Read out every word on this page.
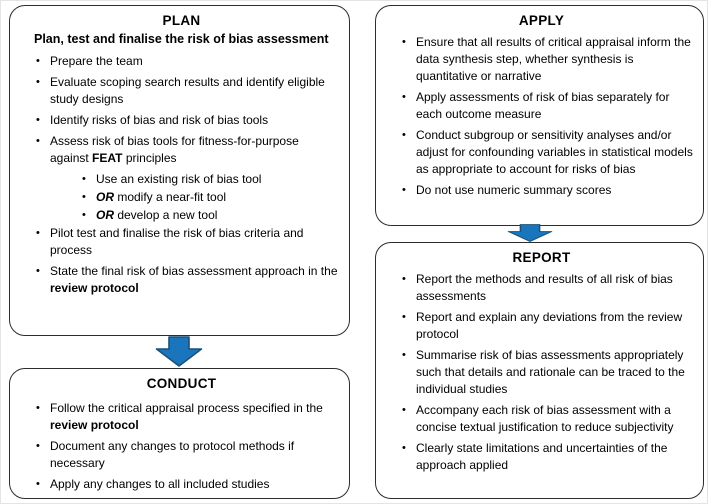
PLAN

Plan, test and finalise the risk of bias assessment

• Prepare the team
• Evaluate scoping search results and identify eligible study designs
• Identify risks of bias and risk of bias tools
• Assess risk of bias tools for fitness-for-purpose against FEAT principles
• Use an existing risk of bias tool
• OR modify a near-fit tool
• OR develop a new tool
• Pilot test and finalise the risk of bias criteria and process
• State the final risk of bias assessment approach in the review protocol
CONDUCT
• Follow the critical appraisal process specified in the review protocol
• Document any changes to protocol methods if necessary
• Apply any changes to all included studies
APPLY
• Ensure that all results of critical appraisal inform the data synthesis step, whether synthesis is quantitative or narrative
• Apply assessments of risk of bias separately for each outcome measure
• Conduct subgroup or sensitivity analyses and/or adjust for confounding variables in statistical models as appropriate to account for risks of bias
• Do not use numeric summary scores
REPORT
• Report the methods and results of all risk of bias assessments
• Report and explain any deviations from the review protocol
• Summarise risk of bias assessments appropriately such that details and rationale can be traced to the individual studies
• Accompany each risk of bias assessment with a concise textual justification to reduce subjectivity
• Clearly state limitations and uncertainties of the approach applied
